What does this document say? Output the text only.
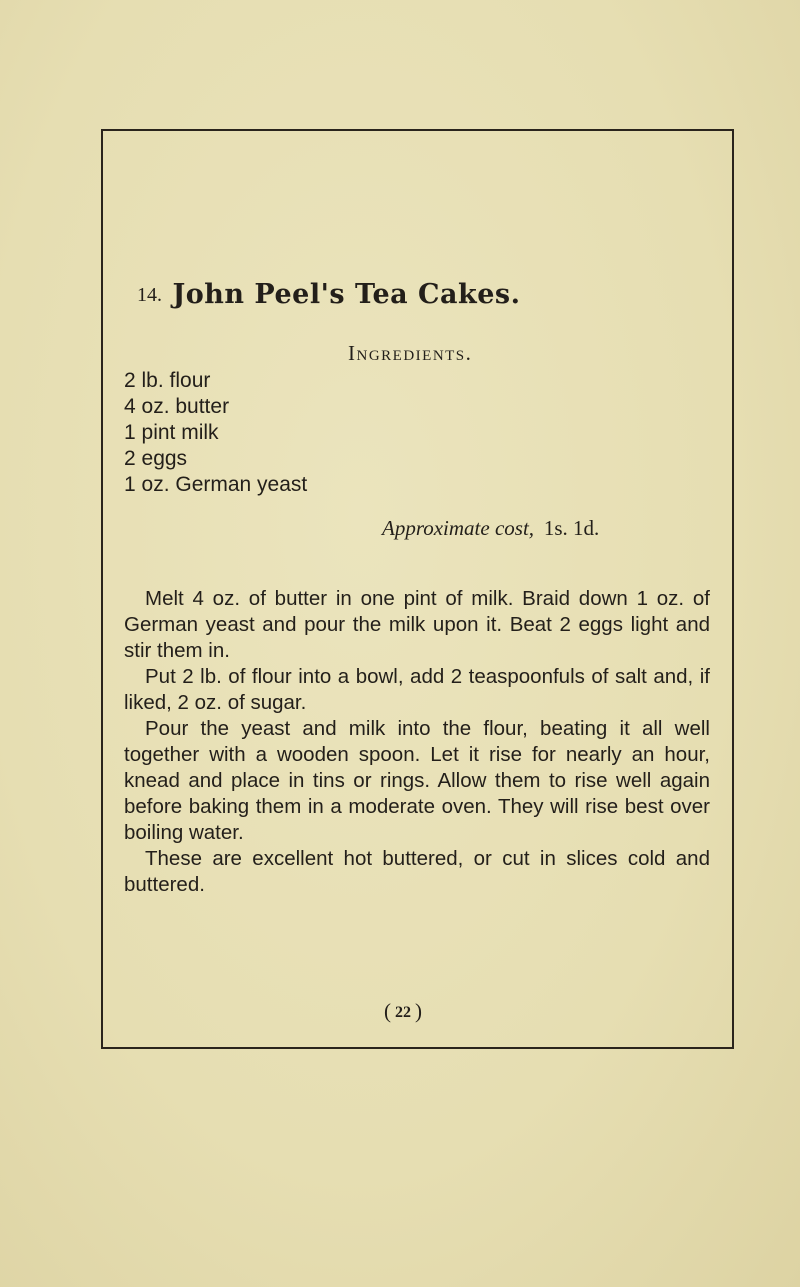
14. John Peel's Tea Cakes.
Ingredients.
2 lb. flour
4 oz. butter
1 pint milk
2 eggs
1 oz. German yeast
Approximate cost, 1s. 1d.

Melt 4 oz. of butter in one pint of milk. Braid down 1 oz. of German yeast and pour the milk upon it. Beat 2 eggs light and stir them in.

Put 2 lb. of flour into a bowl, add 2 teaspoonfuls of salt and, if liked, 2 oz. of sugar.

Pour the yeast and milk into the flour, beating it all well together with a wooden spoon. Let it rise for nearly an hour, knead and place in tins or rings. Allow them to rise well again before baking them in a moderate oven. They will rise best over boiling water.

These are excellent hot buttered, or cut in slices cold and buttered.

( 22 )
